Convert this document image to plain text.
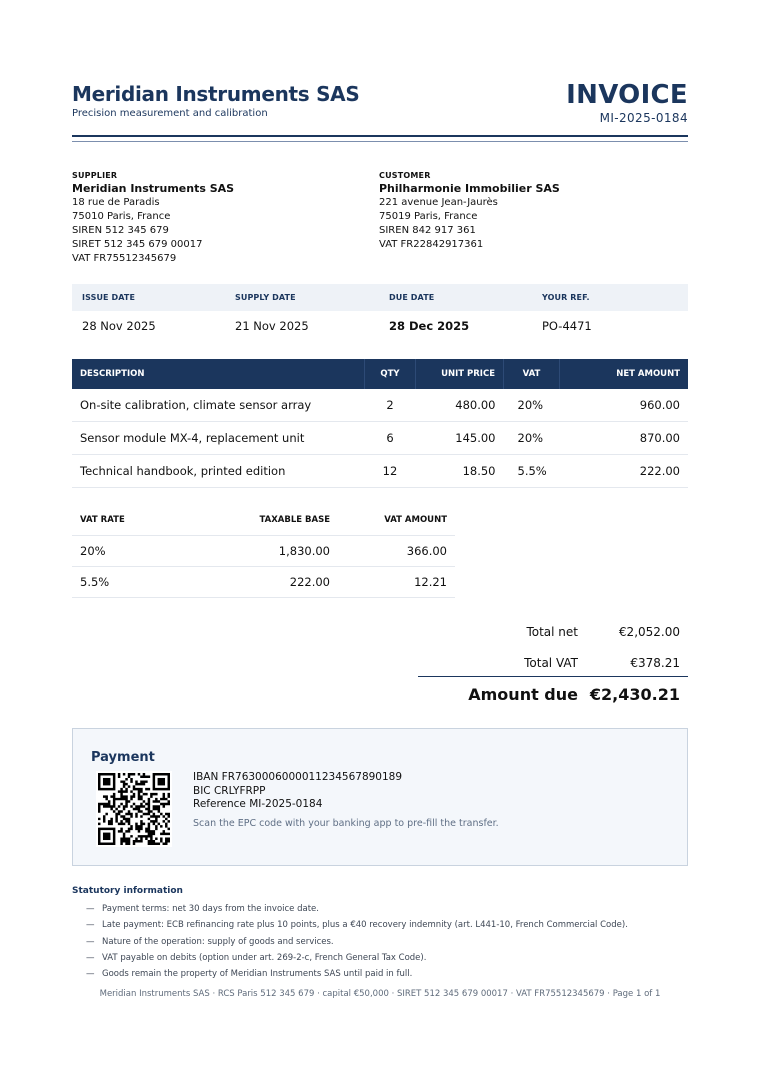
Meridian Instruments SAS
Precision measurement and calibration
INVOICE
MI-2025-0184
SUPPLIER
Meridian Instruments SAS
18 rue de Paradis
75010 Paris, France
SIREN 512 345 679
SIRET 512 345 679 00017
VAT FR75512345679
CUSTOMER
Philharmonie Immobilier SAS
221 avenue Jean-Jaurès
75019 Paris, France
SIREN 842 917 361
VAT FR22842917361
ISSUE DATE	SUPPLY DATE	DUE DATE	YOUR REF.
28 Nov 2025	21 Nov 2025	28 Dec 2025	PO-4471
DESCRIPTION	QTY	UNIT PRICE	VAT	NET AMOUNT
On-site calibration, climate sensor array	2	480.00	20%	960.00
Sensor module MX-4, replacement unit	6	145.00	20%	870.00
Technical handbook, printed edition	12	18.50	5.5%	222.00
VAT RATE	TAXABLE BASE	VAT AMOUNT
20%	1,830.00	366.00
5.5%	222.00	12.21
Total net	€2,052.00
Total VAT	€378.21
Amount due €2,430.21
Payment
IBAN FR7630006000011234567890189
BIC CRLYFRPP
Reference MI-2025-0184
Scan the EPC code with your banking app to pre-fill the transfer.
Statutory information
— Payment terms: net 30 days from the invoice date.
— Late payment: ECB refinancing rate plus 10 points, plus a €40 recovery indemnity (art. L441-10, French Commercial Code).
— Nature of the operation: supply of goods and services.
— VAT payable on debits (option under art. 269-2-c, French General Tax Code).
— Goods remain the property of Meridian Instruments SAS until paid in full.
Meridian Instruments SAS · RCS Paris 512 345 679 · capital €50,000 · SIRET 512 345 679 00017 · VAT FR75512345679 · Page 1 of 1
